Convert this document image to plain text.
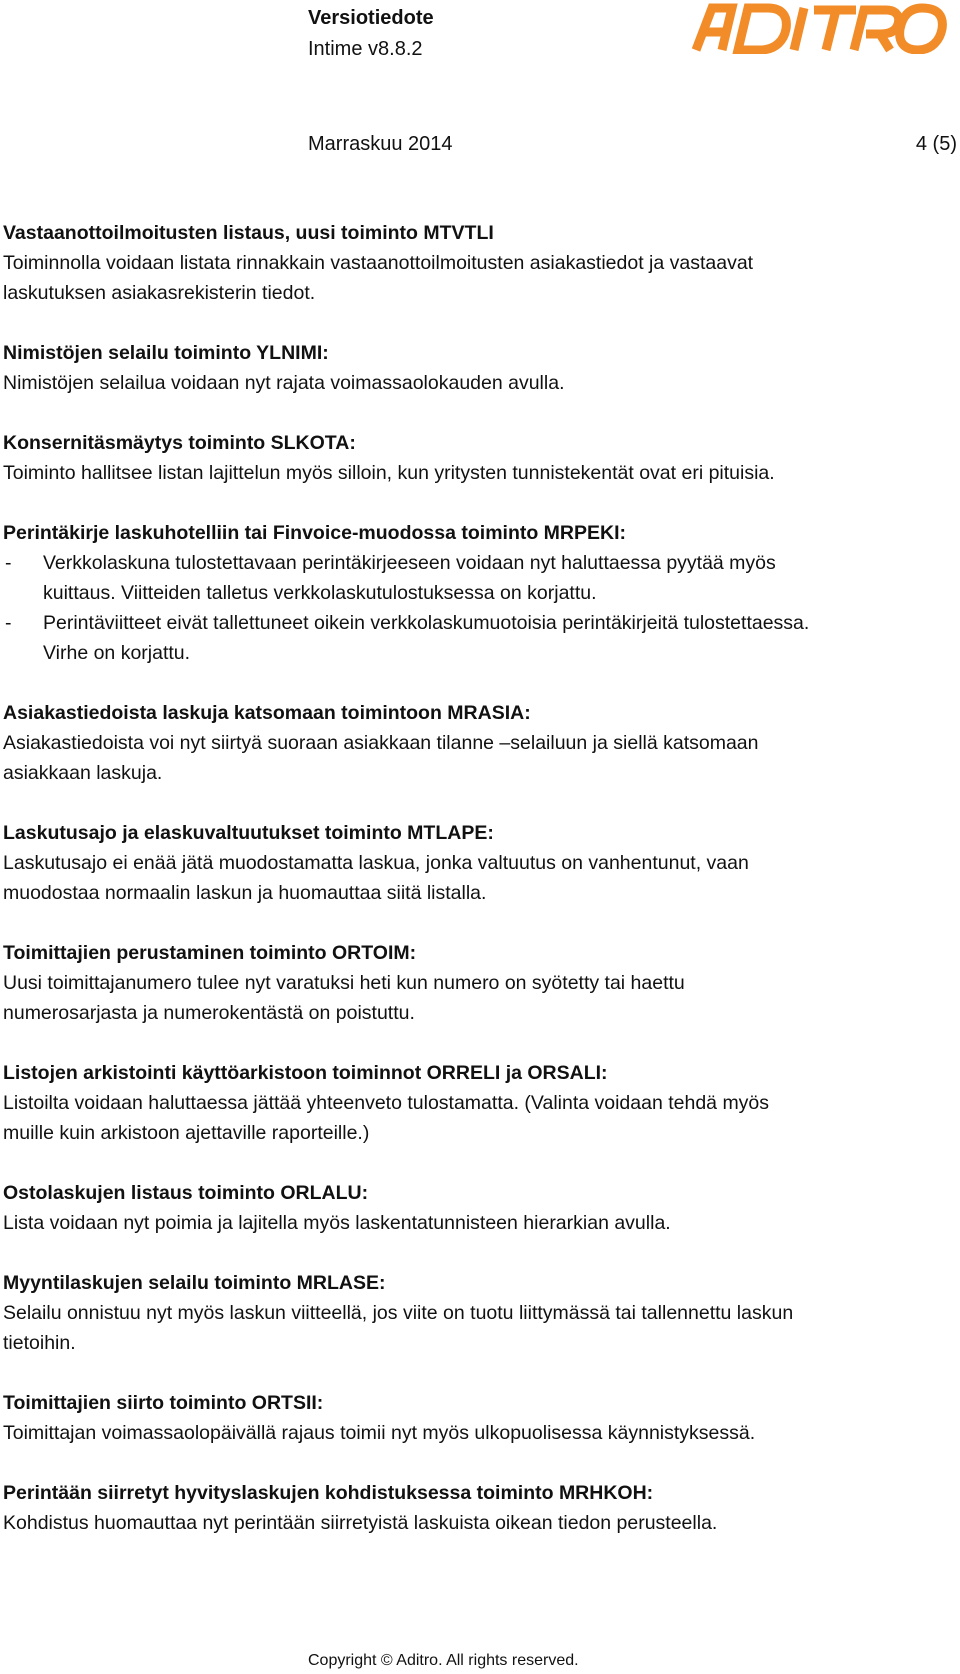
Versiotiedote

Intime v8.8.2

Marraskuu 2014	4 (5)

Vastaanottoilmoitusten listaus, uusi toiminto MTVTLI
Toiminnolla voidaan listata rinnakkain vastaanottoilmoitusten asiakastiedot ja vastaavat
laskutuksen asiakasrekisterin tiedot.
Nimistöjen selailu toiminto YLNIMI:
Nimistöjen selailua voidaan nyt rajata voimassaolokauden avulla.
Konsernitäsmäytys toiminto SLKOTA:
Toiminto hallitsee listan lajittelun myös silloin, kun yritysten tunnistekentät ovat eri pituisia.
Perintäkirje laskuhotelliin tai Finvoice-muodossa toiminto MRPEKI:
- Verkkolaskuna tulostettavaan perintäkirjeeseen voidaan nyt haluttaessa pyytää myös
kuittaus. Viitteiden talletus verkkolaskutulostuksessa on korjattu.
- Perintäviitteet eivät tallettuneet oikein verkkolaskumuotoisia perintäkirjeitä tulostettaessa.
Virhe on korjattu.
Asiakastiedoista laskuja katsomaan toimintoon MRASIA:
Asiakastiedoista voi nyt siirtyä suoraan asiakkaan tilanne –selailuun ja siellä katsomaan
asiakkaan laskuja.
Laskutusajo ja elaskuvaltuutukset toiminto MTLAPE:
Laskutusajo ei enää jätä muodostamatta laskua, jonka valtuutus on vanhentunut, vaan
muodostaa normaalin laskun ja huomauttaa siitä listalla.
Toimittajien perustaminen toiminto ORTOIM:
Uusi toimittajanumero tulee nyt varatuksi heti kun numero on syötetty tai haettu
numerosarjasta ja numerokentästä on poistuttu.
Listojen arkistointi käyttöarkistoon toiminnot ORRELI ja ORSALI:
Listoilta voidaan haluttaessa jättää yhteenveto tulostamatta. (Valinta voidaan tehdä myös
muille kuin arkistoon ajettaville raporteille.)
Ostolaskujen listaus toiminto ORLALU:
Lista voidaan nyt poimia ja lajitella myös laskentatunnisteen hierarkian avulla.
Myyntilaskujen selailu toiminto MRLASE:
Selailu onnistuu nyt myös laskun viitteellä, jos viite on tuotu liittymässä tai tallennettu laskun
tietoihin.
Toimittajien siirto toiminto ORTSII:
Toimittajan voimassaolopäivällä rajaus toimii nyt myös ulkopuolisessa käynnistyksessä.
Perintään siirretyt hyvityslaskujen kohdistuksessa toiminto MRHKOH:
Kohdistus huomauttaa nyt perintään siirretyistä laskuista oikean tiedon perusteella.

Copyright © Aditro. All rights reserved.
